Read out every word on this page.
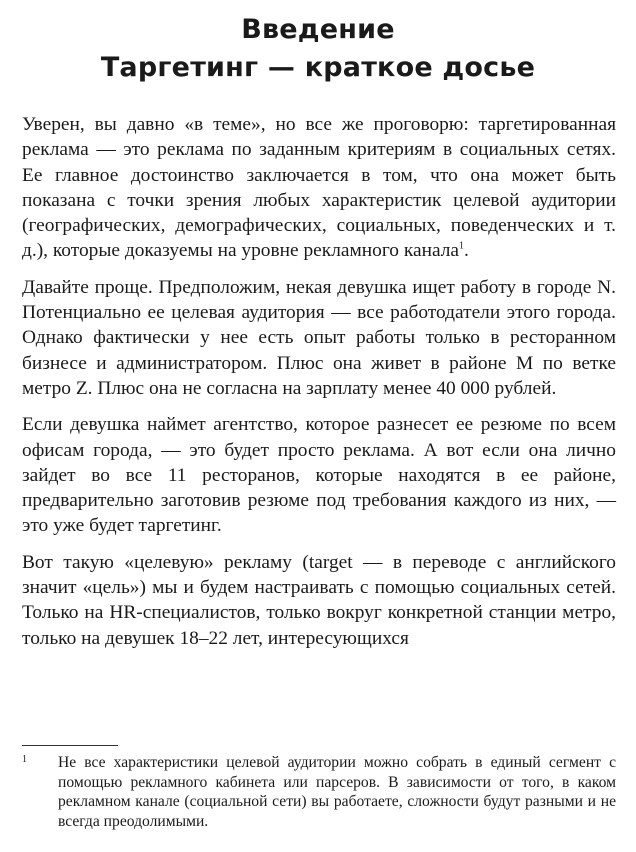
Введение
Таргетинг — краткое досье

Уверен, вы давно «в теме», но все же проговорю: таргетированная реклама — это реклама по заданным критериям в социальных сетях. Ее главное достоинство заключается в том, что она может быть показана с точки зрения любых характеристик целевой аудитории (географических, демографических, социальных, поведенческих и т. д.), которые доказуемы на уровне рекламного канала$^1$.

Давайте проще. Предположим, некая девушка ищет работу в городе N. Потенциально ее целевая аудитория — все работодатели этого города. Однако фактически у нее есть опыт работы только в ресторанном бизнесе и администратором. Плюс она живет в районе M по ветке метро Z. Плюс она не согласна на зарплату менее 40 000 рублей.

Если девушка наймет агентство, которое разнесет ее резюме по всем офисам города, — это будет просто реклама. А вот если она лично зайдет во все 11 ресторанов, которые находятся в ее районе, предварительно заготовив резюме под требования каждого из них, — это уже будет таргетинг.

Вот такую «целевую» рекламу (target — в переводе с английского значит «цель») мы и будем настраивать с помощью социальных сетей. Только на HR-специалистов, только вокруг конкретной станции метро, только на девушек 18–22 лет, интересующихся

1	Не все характеристики целевой аудитории можно собрать в единый сегмент с помощью рекламного кабинета или парсеров. В зависимости от того, в каком рекламном канале (социальной сети) вы работаете, сложности будут разными и не всегда преодолимыми.
